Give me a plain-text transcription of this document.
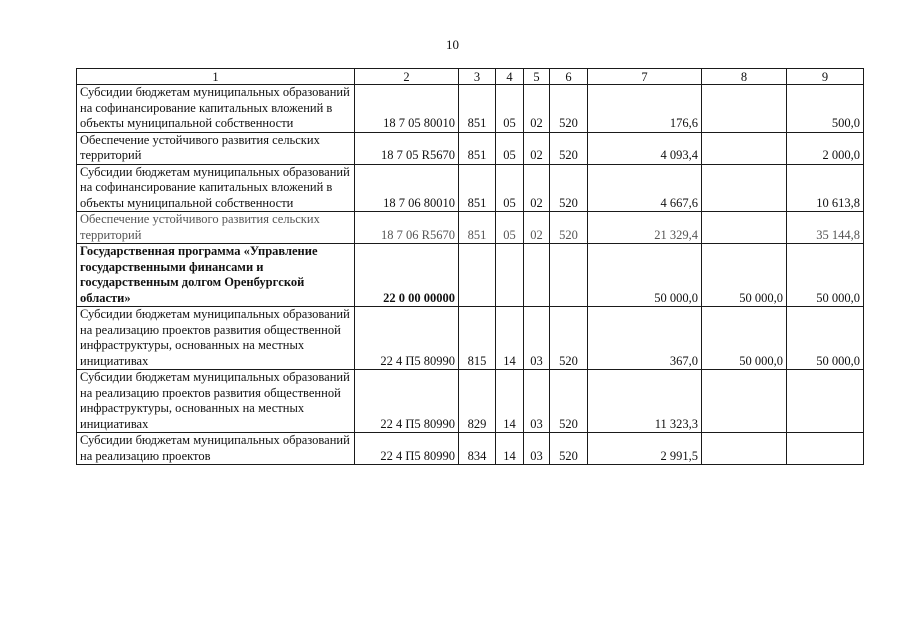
10
1	2	3	4	5	6	7	8	9
Субсидии бюджетам муниципальных образований на софинансирование капитальных вложений в объекты муниципальной собственности	18 7 05 80010	851	05	02	520	176,6		500,0
Обеспечение устойчивого развития сельских территорий	18 7 05 R5670	851	05	02	520	4 093,4		2 000,0
Субсидии бюджетам муниципальных образований на софинансирование капитальных вложений в объекты муниципальной собственности	18 7 06 80010	851	05	02	520	4 667,6		10 613,8
Обеспечение устойчивого развития сельских территорий	18 7 06 R5670	851	05	02	520	21 329,4		35 144,8
Государственная программа «Управление государственными финансами и государственным долгом Оренбургской области»	22 0 00 00000					50 000,0	50 000,0	50 000,0
Субсидии бюджетам муниципальных образований на реализацию проектов развития общественной инфраструктуры, основанных на местных инициативах	22 4 П5 80990	815	14	03	520	367,0	50 000,0	50 000,0
Субсидии бюджетам муниципальных образований на реализацию проектов развития общественной инфраструктуры, основанных на местных инициативах	22 4 П5 80990	829	14	03	520	11 323,3		
Субсидии бюджетам муниципальных образований на реализацию проектов	22 4 П5 80990	834	14	03	520	2 991,5		
